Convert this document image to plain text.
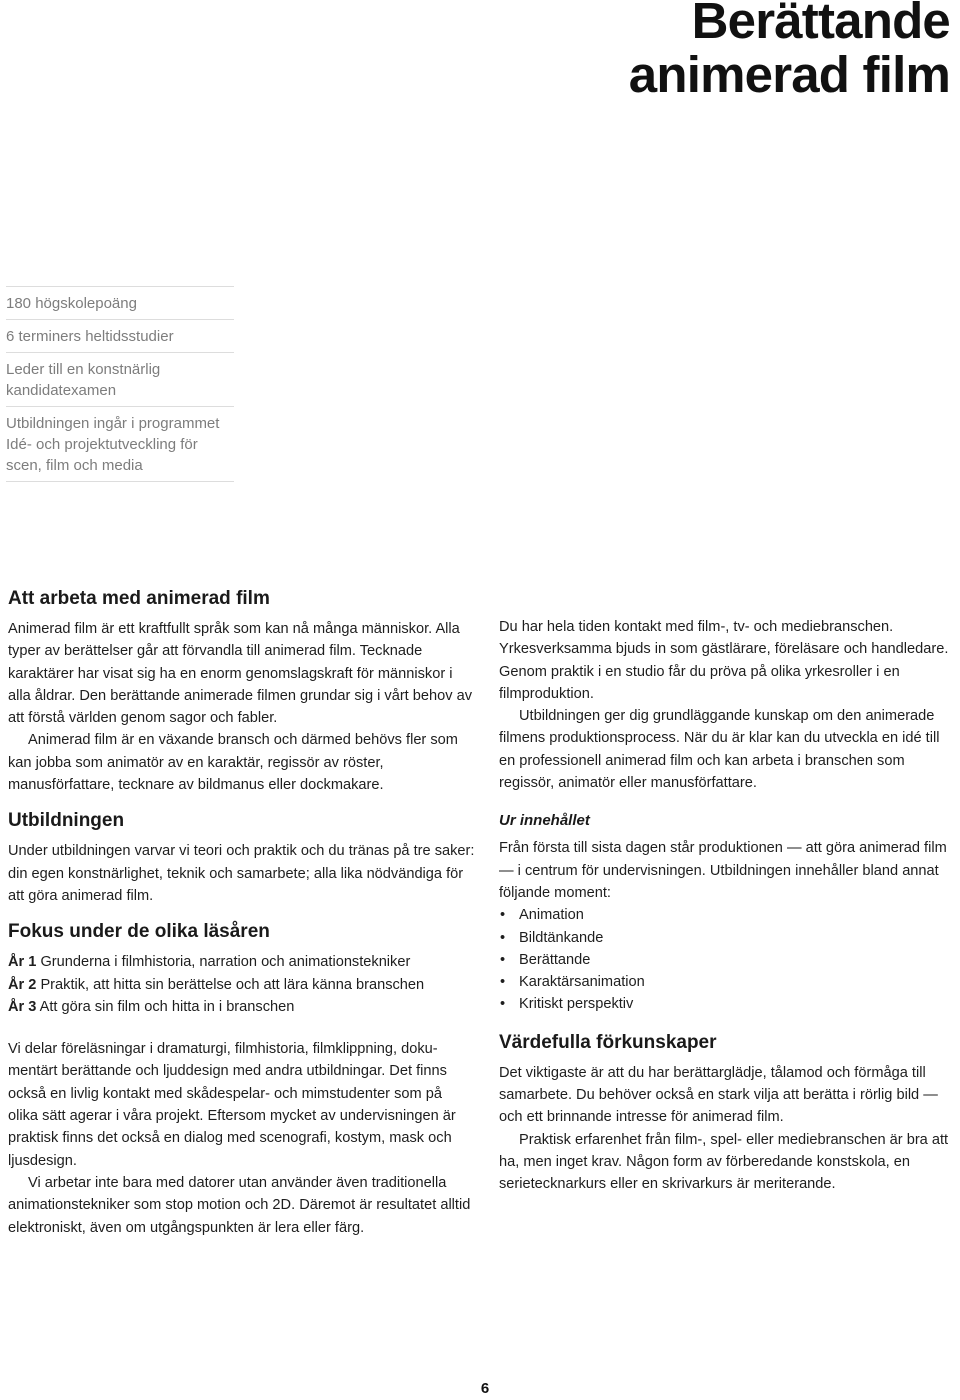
Berättande
animerad film
180 högskolepoäng
6 terminers heltidsstudier
Leder till en konstnärlig kandidatexamen
Utbildningen ingår i programmet Idé- och projektutveckling för scen, film och media
Att arbeta med animerad film

Animerad film är ett kraftfullt språk som kan nå många människor. Alla typer av berättelser går att förvandla till animerad film. Tecknade karaktärer har visat sig ha en enorm genomslagskraft för människor i alla åldrar. Den berättande animerade filmen grundar sig i vårt behov av att förstå världen genom sagor och fabler.

Animerad film är en växande bransch och därmed behövs fler som kan jobba som animatör av en karaktär, regissör av röster, manusförfattare, tecknare av bildmanus eller dockmakare.

Utbildningen

Under utbildningen varvar vi teori och praktik och du tränas på tre saker: din egen konstnärlighet, teknik och samarbete; alla lika nödvändiga för att göra animerad film.

Fokus under de olika läsåren

År 1 Grunderna i filmhistoria, narration och animationstekniker

År 2 Praktik, att hitta sin berättelse och att lära känna branschen

År 3 Att göra sin film och hitta in i branschen

Vi delar föreläsningar i dramaturgi, filmhistoria, filmklippning, dokumentärt berättande och ljuddesign med andra utbildningar. Det finns också en livlig kontakt med skådespelar- och mimstudenter som på olika sätt agerar i våra projekt. Eftersom mycket av undervisningen är praktisk finns det också en dialog med scenografi, kostym, mask och ljusdesign.

Vi arbetar inte bara med datorer utan använder även traditionella animationstekniker som stop motion och 2D. Däremot är resultatet alltid elektroniskt, även om utgångspunkten är lera eller färg.

Du har hela tiden kontakt med film-, tv- och mediebranschen. Yrkesverksamma bjuds in som gästlärare, föreläsare och handledare. Genom praktik i en studio får du pröva på olika yrkesroller i en filmproduktion.

Utbildningen ger dig grundläggande kunskap om den animerade filmens produktionsprocess. När du är klar kan du utveckla en idé till en professionell animerad film och kan arbeta i branschen som regissör, animatör eller manusförfattare.

Ur innehållet

Från första till sista dagen står produktionen — att göra animerad film — i centrum för undervisningen. Utbildningen innehåller bland annat följande moment:

• Animation
• Bildtänkande
• Berättande
• Karaktärsanimation
• Kritiskt perspektiv
Värdefulla förkunskaper

Det viktigaste är att du har berättarglädje, tålamod och förmåga till samarbete. Du behöver också en stark vilja att berätta i rörlig bild — och ett brinnande intresse för animerad film.

Praktisk erfarenhet från film-, spel- eller mediebranschen är bra att ha, men inget krav. Någon form av förberedande konstskola, en serietecknarkurs eller en skrivarkurs är meriterande.

6
